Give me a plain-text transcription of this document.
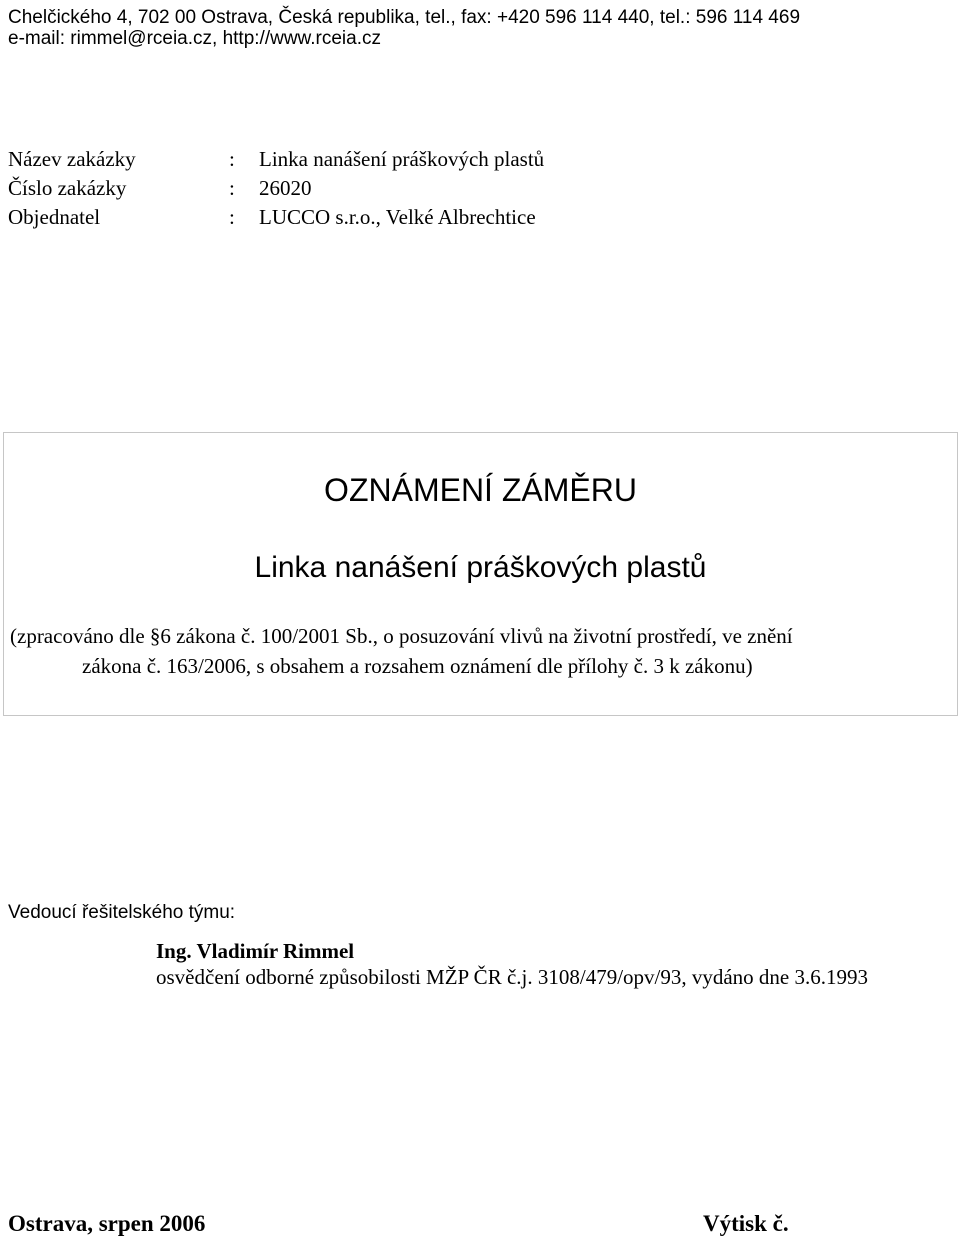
Chelčického 4, 702 00 Ostrava, Česká republika, tel., fax: +420 596 114 440, tel.: 596 114 469
e-mail: rimmel@rceia.cz, http://www.rceia.cz
Název zakázky	: Linka nanášení práškových plastů
Číslo zakázky	: 26020
Objednatel	: LUCCO s.r.o., Velké Albrechtice
OZNÁMENÍ ZÁMĚRU
Linka nanášení práškových plastů
(zpracováno dle §6 zákona č. 100/2001 Sb., o posuzování vlivů na životní prostředí, ve znění
zákona č. 163/2006, s obsahem a rozsahem oznámení dle přílohy č. 3 k zákonu)
Vedoucí řešitelského týmu:
Ing. Vladimír Rimmel
osvědčení odborné způsobilosti MŽP ČR č.j. 3108/479/opv/93, vydáno dne 3.6.1993
Ostrava, srpen 2006	Výtisk č.
